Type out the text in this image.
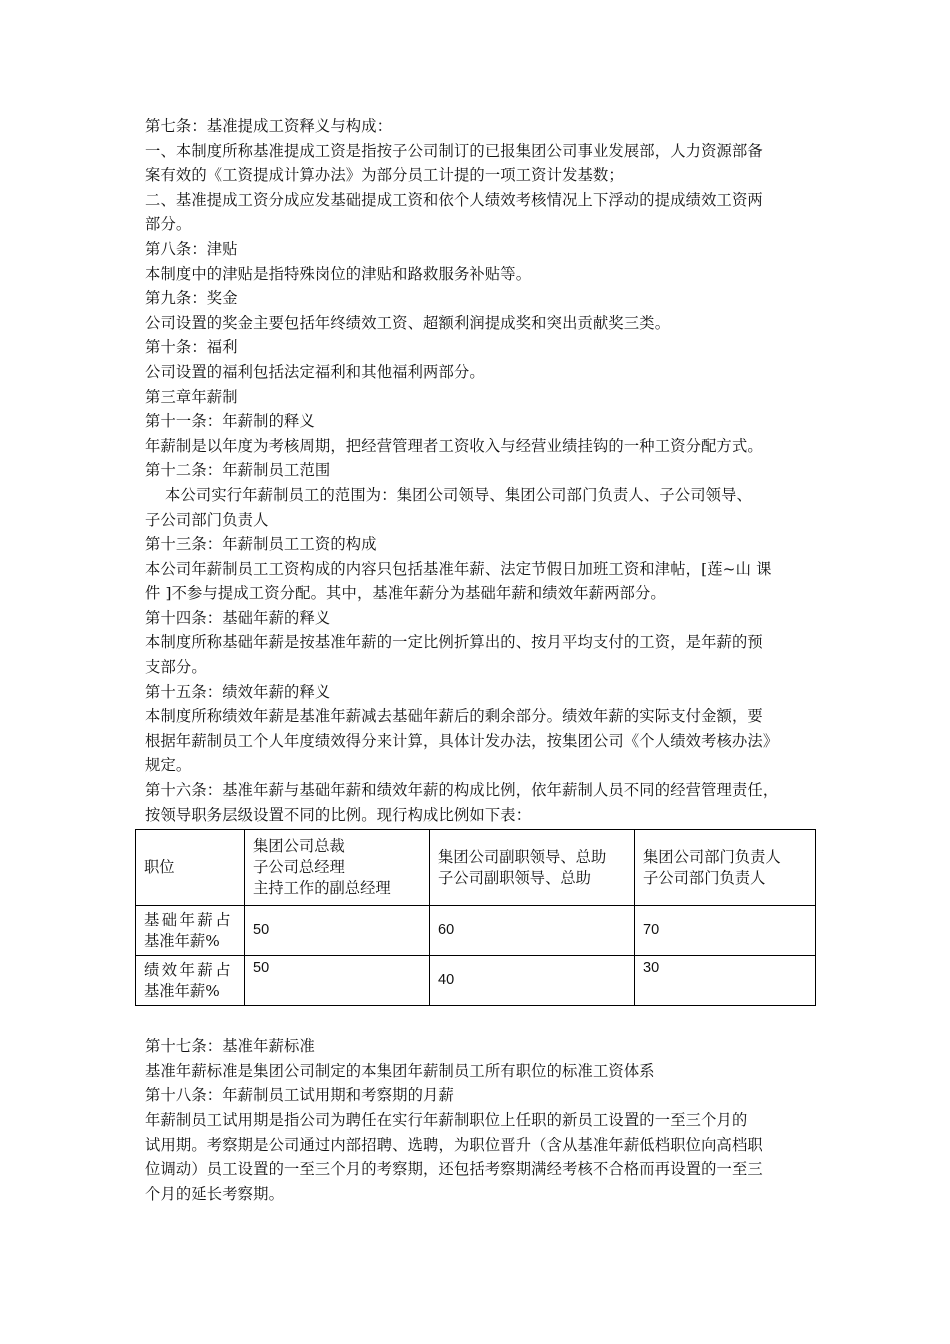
第七条：基准提成工资释义与构成：

一、本制度所称基准提成工资是指按子公司制订的已报集团公司事业发展部，人力资源部备

案有效的《工资提成计算办法》为部分员工计提的一项工资计发基数；

二、基准提成工资分成应发基础提成工资和依个人绩效考核情况上下浮动的提成绩效工资两

部分。

第八条：津贴

本制度中的津贴是指特殊岗位的津贴和路救服务补贴等。

第九条：奖金

公司设置的奖金主要包括年终绩效工资、超额利润提成奖和突出贡献奖三类。

第十条：福利

公司设置的福利包括法定福利和其他福利两部分。

第三章年薪制

第十一条：年薪制的释义

年薪制是以年度为考核周期，把经营管理者工资收入与经营业绩挂钩的一种工资分配方式。

第十二条：年薪制员工范围

本公司实行年薪制员工的范围为：集团公司领导、集团公司部门负责人、子公司领导、

子公司部门负责人

第十三条：年薪制员工工资的构成

本公司年薪制员工工资构成的内容只包括基准年薪、法定节假日加班工资和津帖，[莲~山 课

件 ]不参与提成工资分配。其中，基准年薪分为基础年薪和绩效年薪两部分。

第十四条：基础年薪的释义

本制度所称基础年薪是按基准年薪的一定比例折算出的、按月平均支付的工资，是年薪的预

支部分。

第十五条：绩效年薪的释义

本制度所称绩效年薪是基准年薪减去基础年薪后的剩余部分。绩效年薪的实际支付金额，要

根据年薪制员工个人年度绩效得分来计算，具体计发办法，按集团公司《个人绩效考核办法》

规定。

第十六条：基准年薪与基础年薪和绩效年薪的构成比例，依年薪制人员不同的经营管理责任，

按领导职务层级设置不同的比例。现行构成比例如下表：

职位	集团公司总裁
子公司总经理
主持工作的副总经理	集团公司副职领导、总助
子公司副职领导、总助	集团公司部门负责人
子公司部门负责人

基础年薪占
基准年薪%	50	60	70

绩效年薪占
基准年薪%	50	40	30

第十七条：基准年薪标准

基准年薪标准是集团公司制定的本集团年薪制员工所有职位的标准工资体系

第十八条：年薪制员工试用期和考察期的月薪

年薪制员工试用期是指公司为聘任在实行年薪制职位上任职的新员工设置的一至三个月的

试用期。考察期是公司通过内部招聘、选聘，为职位晋升（含从基准年薪低档职位向高档职

位调动）员工设置的一至三个月的考察期，还包括考察期满经考核不合格而再设置的一至三

个月的延长考察期。
